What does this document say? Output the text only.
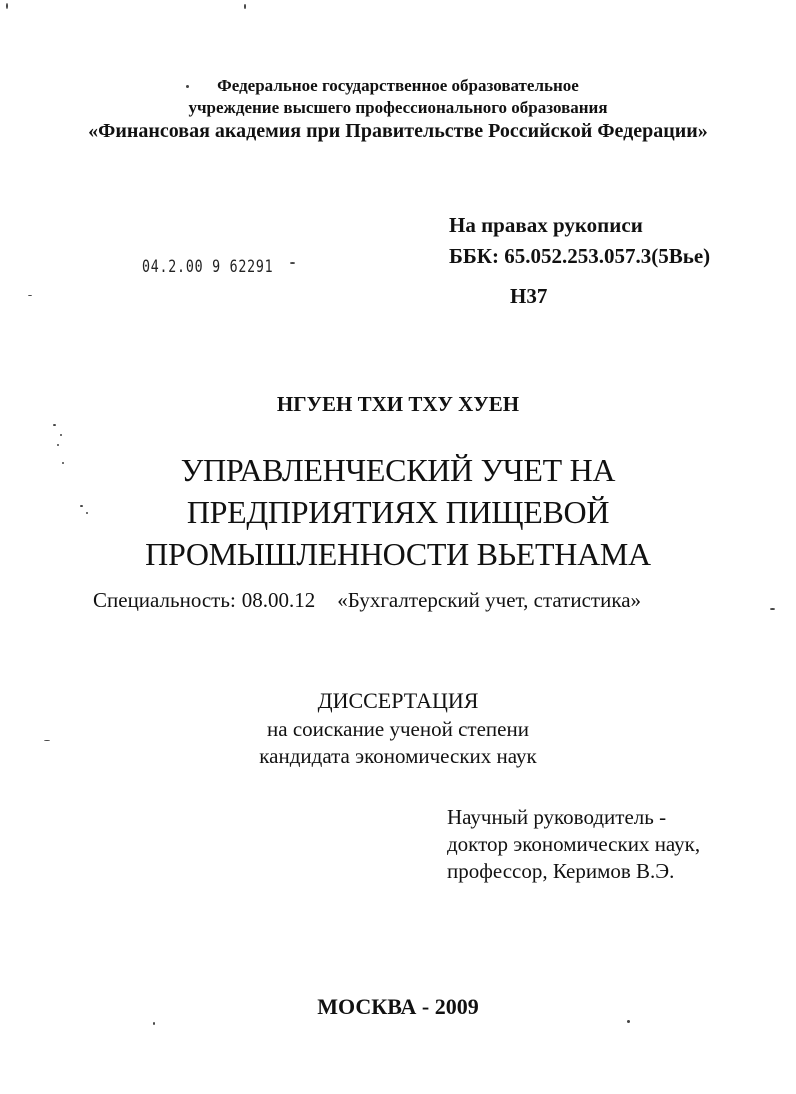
Федеральное государственное образовательное
учреждение высшего профессионального образования
«Финансовая академия при Правительстве Российской Федерации»
На правах рукописи
ББК: 65.052.253.057.3(5Вье)
Н37
04.2.00 9 62291
НГУЕН ТХИ ТХУ ХУЕН
УПРАВЛЕНЧЕСКИЙ УЧЕТ НА
ПРЕДПРИЯТИЯХ ПИЩЕВОЙ
ПРОМЫШЛЕННОСТИ ВЬЕТНАМА
Специальность: 08.00.12 «Бухгалтерский учет, статистика»
ДИССЕРТАЦИЯ
на соискание ученой степени
кандидата экономических наук
Научный руководитель -
доктор экономических наук,
профессор, Керимов В.Э.
МОСКВА - 2009
